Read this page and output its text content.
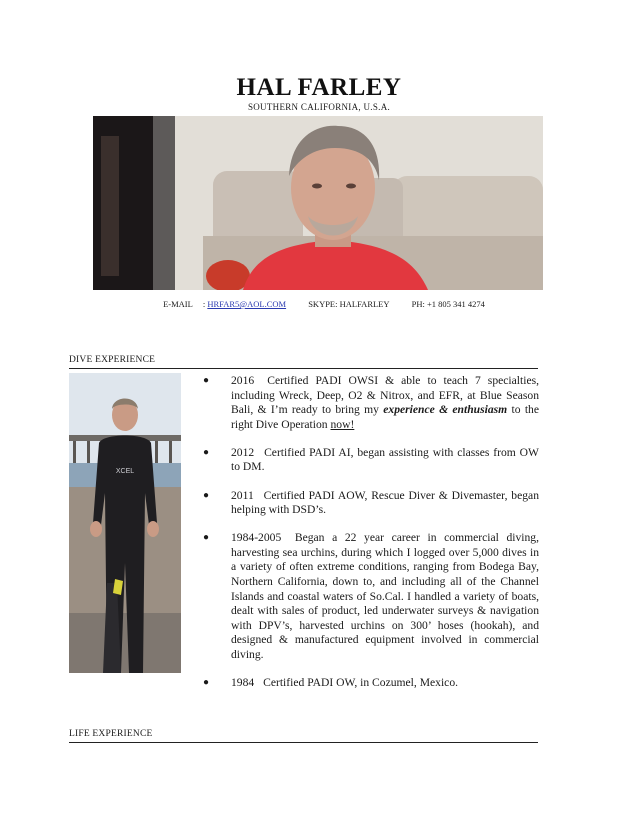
HAL FARLEY
SOUTHERN CALIFORNIA, U.S.A.
E-MAIL : HRFAR5@AOL.COM	SKYPE: HALFARLEY	PH: +1 805 341 4274
DIVE EXPERIENCE
XCEL
● 2016 Certified PADI OWSI & able to teach 7 specialties, including Wreck, Deep, O2 & Nitrox, and EFR, at Blue Season Bali, & I’m ready to bring my experience & enthusiasm to the right Dive Operation now!
● 2012 Certified PADI AI, began assisting with classes from OW to DM.
● 2011 Certified PADI AOW, Rescue Diver & Divemaster, began helping with DSD’s.
● 1984-2005 Began a 22 year career in commercial diving, harvesting sea urchins, during which I logged over 5,000 dives in a variety of often extreme conditions, ranging from Bodega Bay, Northern California, down to, and including all of the Channel Islands and coastal waters of So.Cal. I handled a variety of boats, dealt with sales of product, led underwater surveys & navigation with DPV’s, harvested urchins on 300’ hoses (hookah), and designed & manufactured equipment involved in commercial diving.
● 1984 Certified PADI OW, in Cozumel, Mexico.
LIFE EXPERIENCE
